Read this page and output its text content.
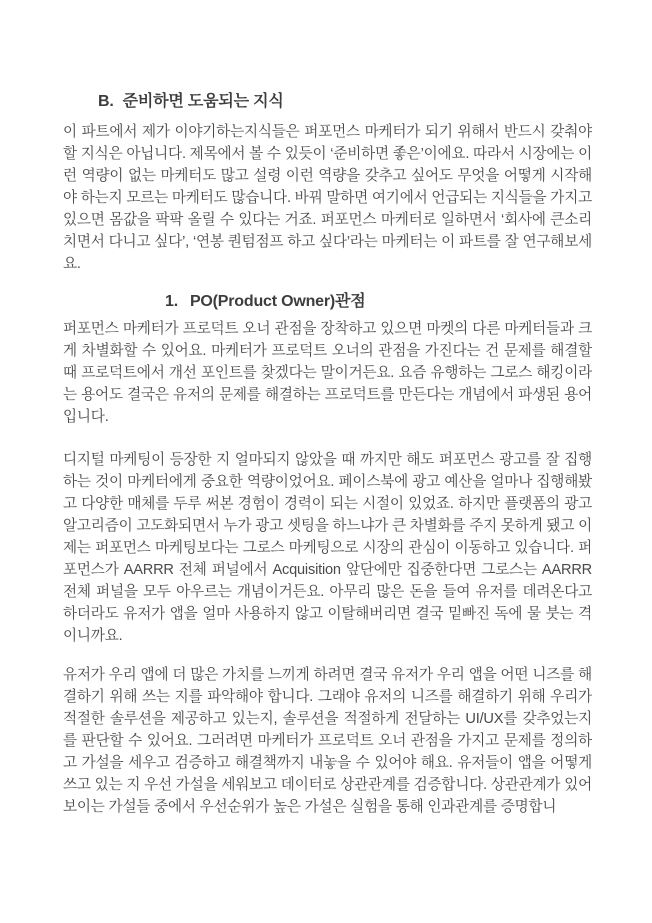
B. 준비하면 도움되는 지식

이 파트에서 제가 이야기하는지식들은 퍼포먼스 마케터가 되기 위해서 반드시 갖춰야 할 지식은 아닙니다. 제목에서 볼 수 있듯이 ‘준비하면 좋은’이에요. 따라서 시장에는 이런 역량이 없는 마케터도 많고 설령 이런 역량을 갖추고 싶어도 무엇을 어떻게 시작해야 하는지 모르는 마케터도 많습니다. 바꿔 말하면 여기에서 언급되는 지식들을 가지고 있으면 몸값을 팍팍 올릴 수 있다는 거죠. 퍼포먼스 마케터로 일하면서 ‘회사에 큰소리 치면서 다니고 싶다’, ‘연봉 퀀텀점프 하고 싶다’라는 마케터는 이 파트를 잘 연구해보세요.

1. PO(Product Owner)관점

퍼포먼스 마케터가 프로덕트 오너 관점을 장착하고 있으면 마켓의 다른 마케터들과 크게 차별화할 수 있어요. 마케터가 프로덕트 오너의 관점을 가진다는 건 문제를 해결할 때 프로덕트에서 개선 포인트를 찾겠다는 말이거든요. 요즘 유행하는 그로스 해킹이라는 용어도 결국은 유저의 문제를 해결하는 프로덕트를 만든다는 개념에서 파생된 용어입니다.

디지털 마케팅이 등장한 지 얼마되지 않았을 때 까지만 해도 퍼포먼스 광고를 잘 집행하는 것이 마케터에게 중요한 역량이었어요. 페이스북에 광고 예산을 얼마나 집행해봤고 다양한 매체를 두루 써본 경험이 경력이 되는 시절이 있었죠. 하지만 플랫폼의 광고 알고리즘이 고도화되면서 누가 광고 셋팅을 하느냐가 큰 차별화를 주지 못하게 됐고 이제는 퍼포먼스 마케팅보다는 그로스 마케팅으로 시장의 관심이 이동하고 있습니다. 퍼포먼스가 AARRR 전체 퍼널에서 Acquisition 앞단에만 집중한다면 그로스는 AARRR 전체 퍼널을 모두 아우르는 개념이거든요. 아무리 많은 돈을 들여 유저를 데려온다고 하더라도 유저가 앱을 얼마 사용하지 않고 이탈해버리면 결국 밑빠진 독에 물 붓는 격이니까요.

유저가 우리 앱에 더 많은 가치를 느끼게 하려면 결국 유저가 우리 앱을 어떤 니즈를 해결하기 위해 쓰는 지를 파악해야 합니다. 그래야 유저의 니즈를 해결하기 위해 우리가 적절한 솔루션을 제공하고 있는지, 솔루션을 적절하게 전달하는 UI/UX를 갖추었는지를 판단할 수 있어요. 그러려면 마케터가 프로덕트 오너 관점을 가지고 문제를 정의하고 가설을 세우고 검증하고 해결책까지 내놓을 수 있어야 해요. 유저들이 앱을 어떻게 쓰고 있는 지 우선 가설을 세워보고 데이터로 상관관계를 검증합니다. 상관관계가 있어 보이는 가설들 중에서 우선순위가 높은 가설은 실험을 통해 인과관계를 증명합니
